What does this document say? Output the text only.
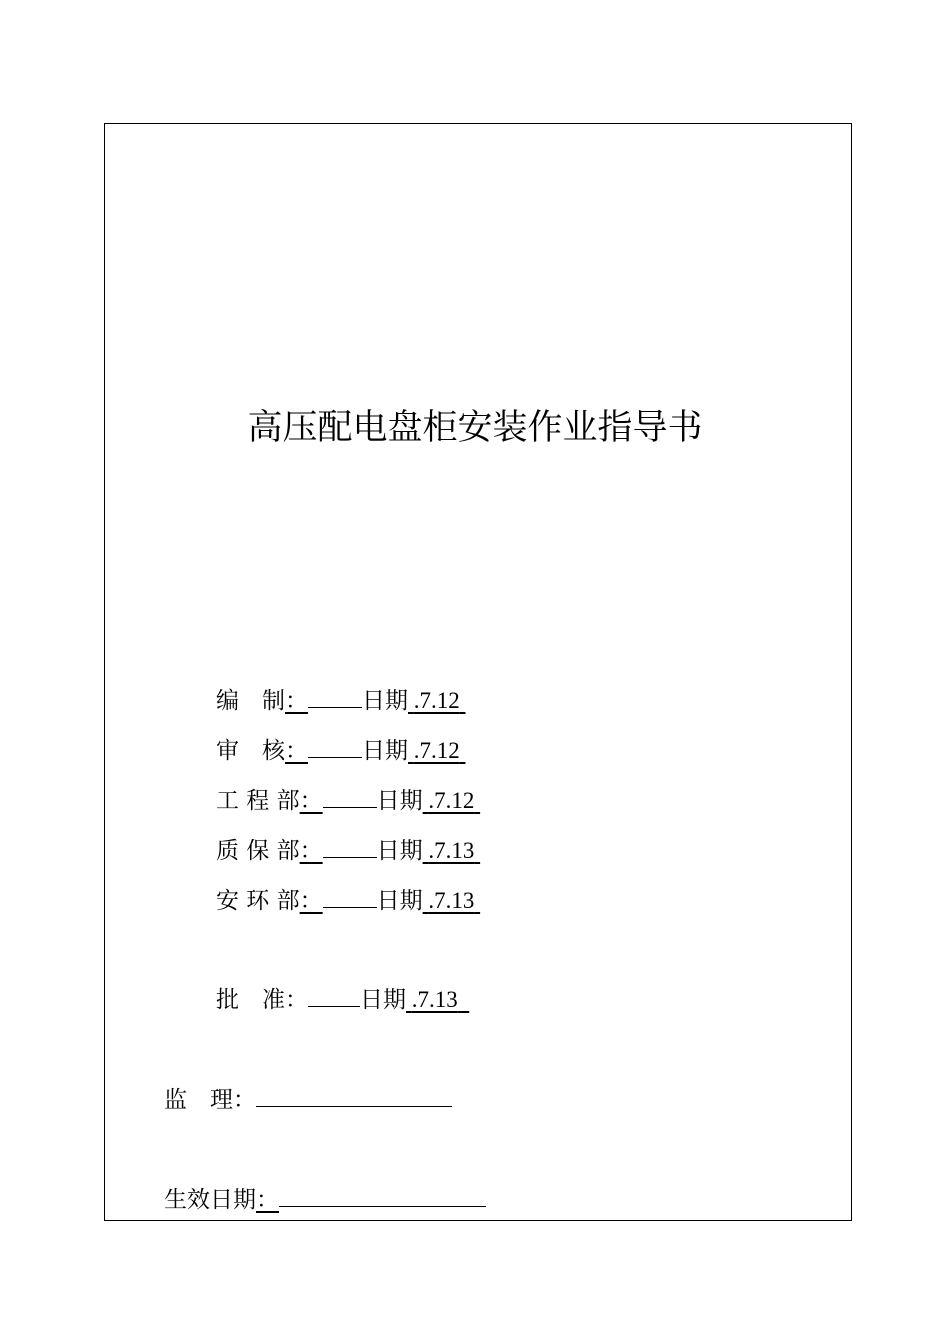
高压配电盘柜安装作业指导书
编　制： 日期  .7.12 
审　核： 日期  .7.12 
工 程 部： 日期  .7.12 
质 保 部： 日期  .7.13 
安 环 部： 日期  .7.13 
批　准： 日期  .7.13  
监　理：
生效日期：
